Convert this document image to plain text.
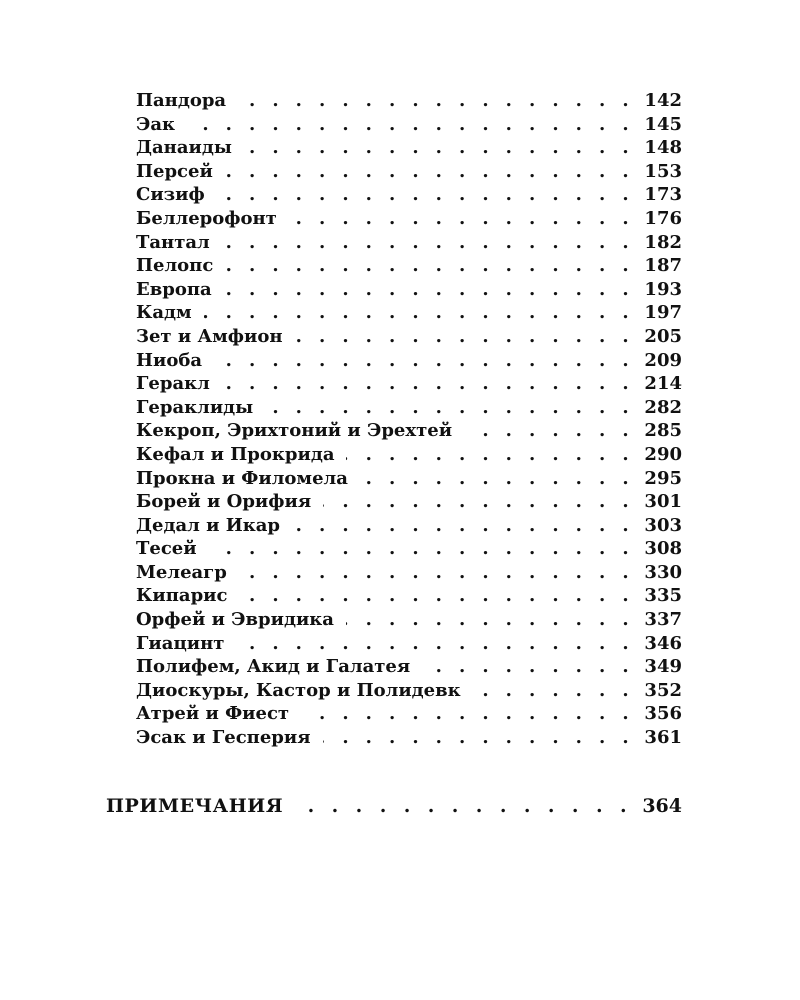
Пандора . . .	142
Эак . . .	145
Данаиды . . .	148
Персей . . .	153
Сизиф . . .	173
Беллерофонт . . .	176
Тантал . . .	182
Пелопс . . .	187
Европа . . .	193
Кадм . . .	197
Зет и Амфион . . .	205
Ниоба . . .	209
Геракл . . .	214
Гераклиды . . .	282
Кекроп, Эрихтоний и Эрехтей . . .	285
Кефал и Прокрида . . .	290
Прокна и Филомела . . .	295
Борей и Орифия . . .	301
Дедал и Икар . . .	303
Тесей . . .	308
Мелеагр . . .	330
Кипарис . . .	335
Орфей и Эвридика . . .	337
Гиацинт . . .	346
Полифем, Акид и Галатея . . .	349
Диоскуры, Кастор и Полидевк . . .	352
Атрей и Фиест . . .	356
Эсак и Гесперия . . .	361
ПРИМЕЧАНИЯ . . .	364
